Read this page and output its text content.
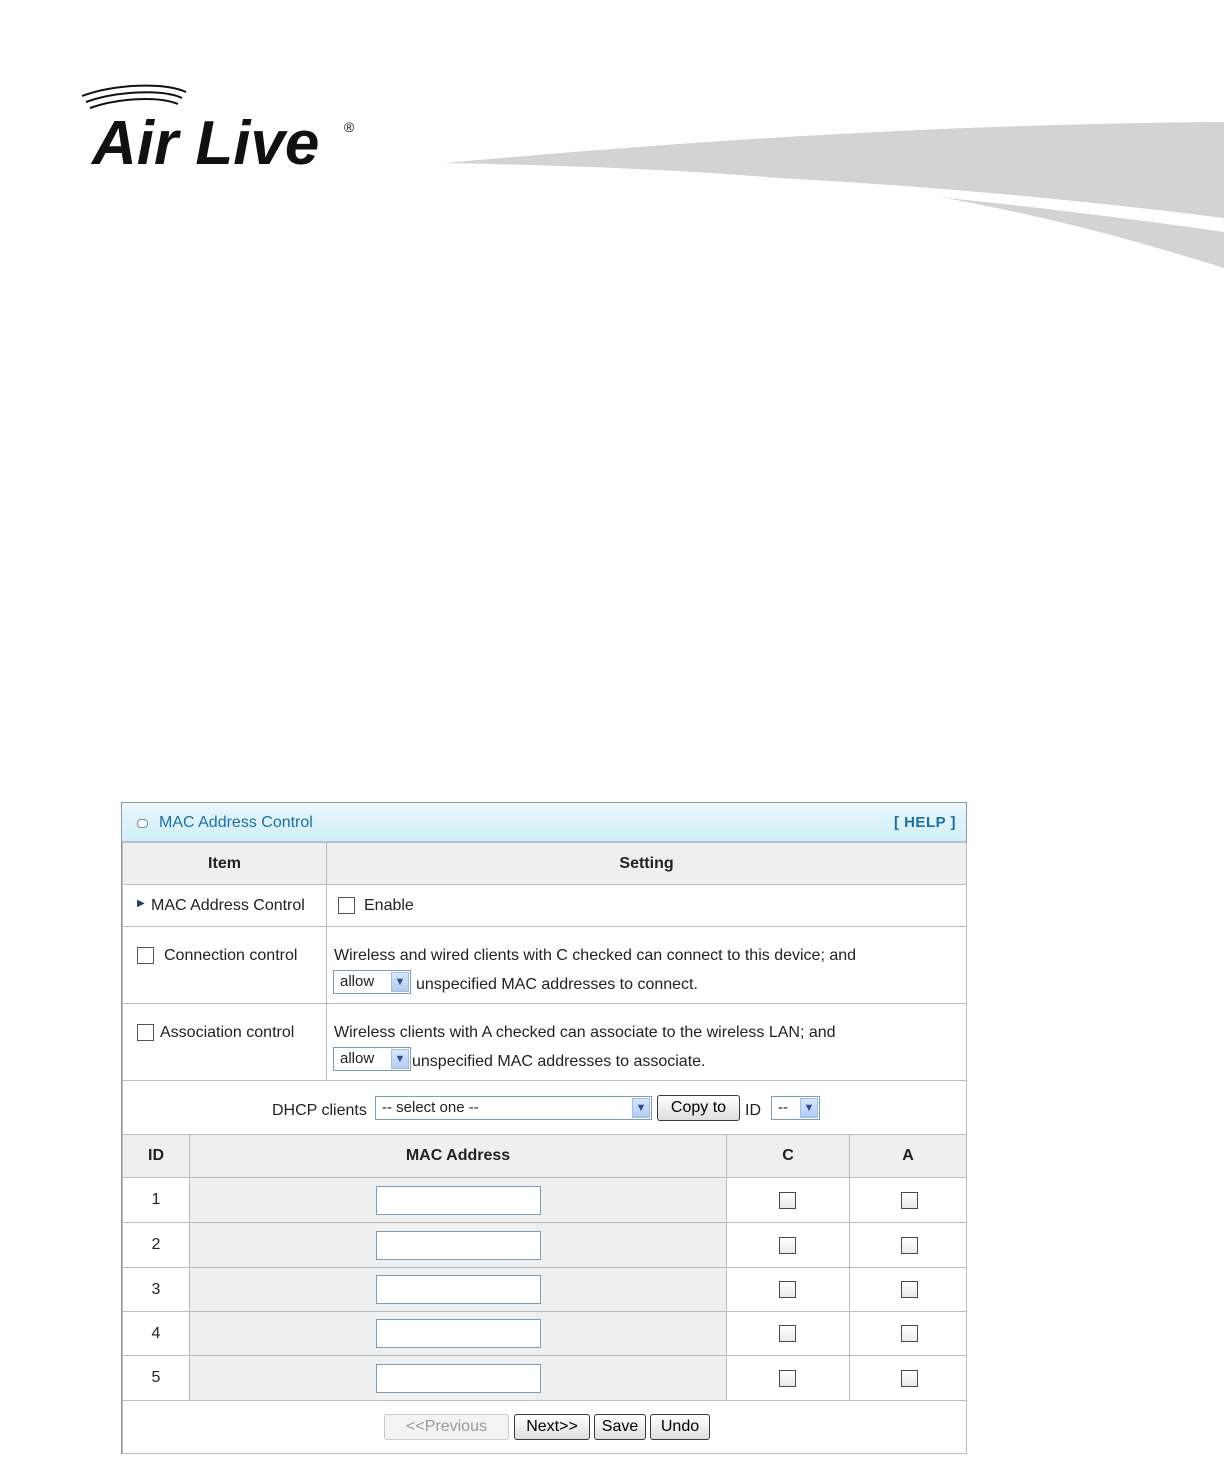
Air Live ®
MAC Address Control	[ HELP ]
Item	Setting
▶ MAC Address Control	Enable
Connection control Wireless and wired clients with C checked can connect to this device; and
allow	▼ unspecified MAC addresses to connect.
Association control Wireless clients with A checked can associate to the wireless LAN; and
allow	▼ unspecified MAC addresses to associate.
DHCP clients	-- select one --	▼	Copy to	ID	--	▼
ID	MAC Address	C	A
1
2
3
4
5
<<Previous	Next>>	Save	Undo
